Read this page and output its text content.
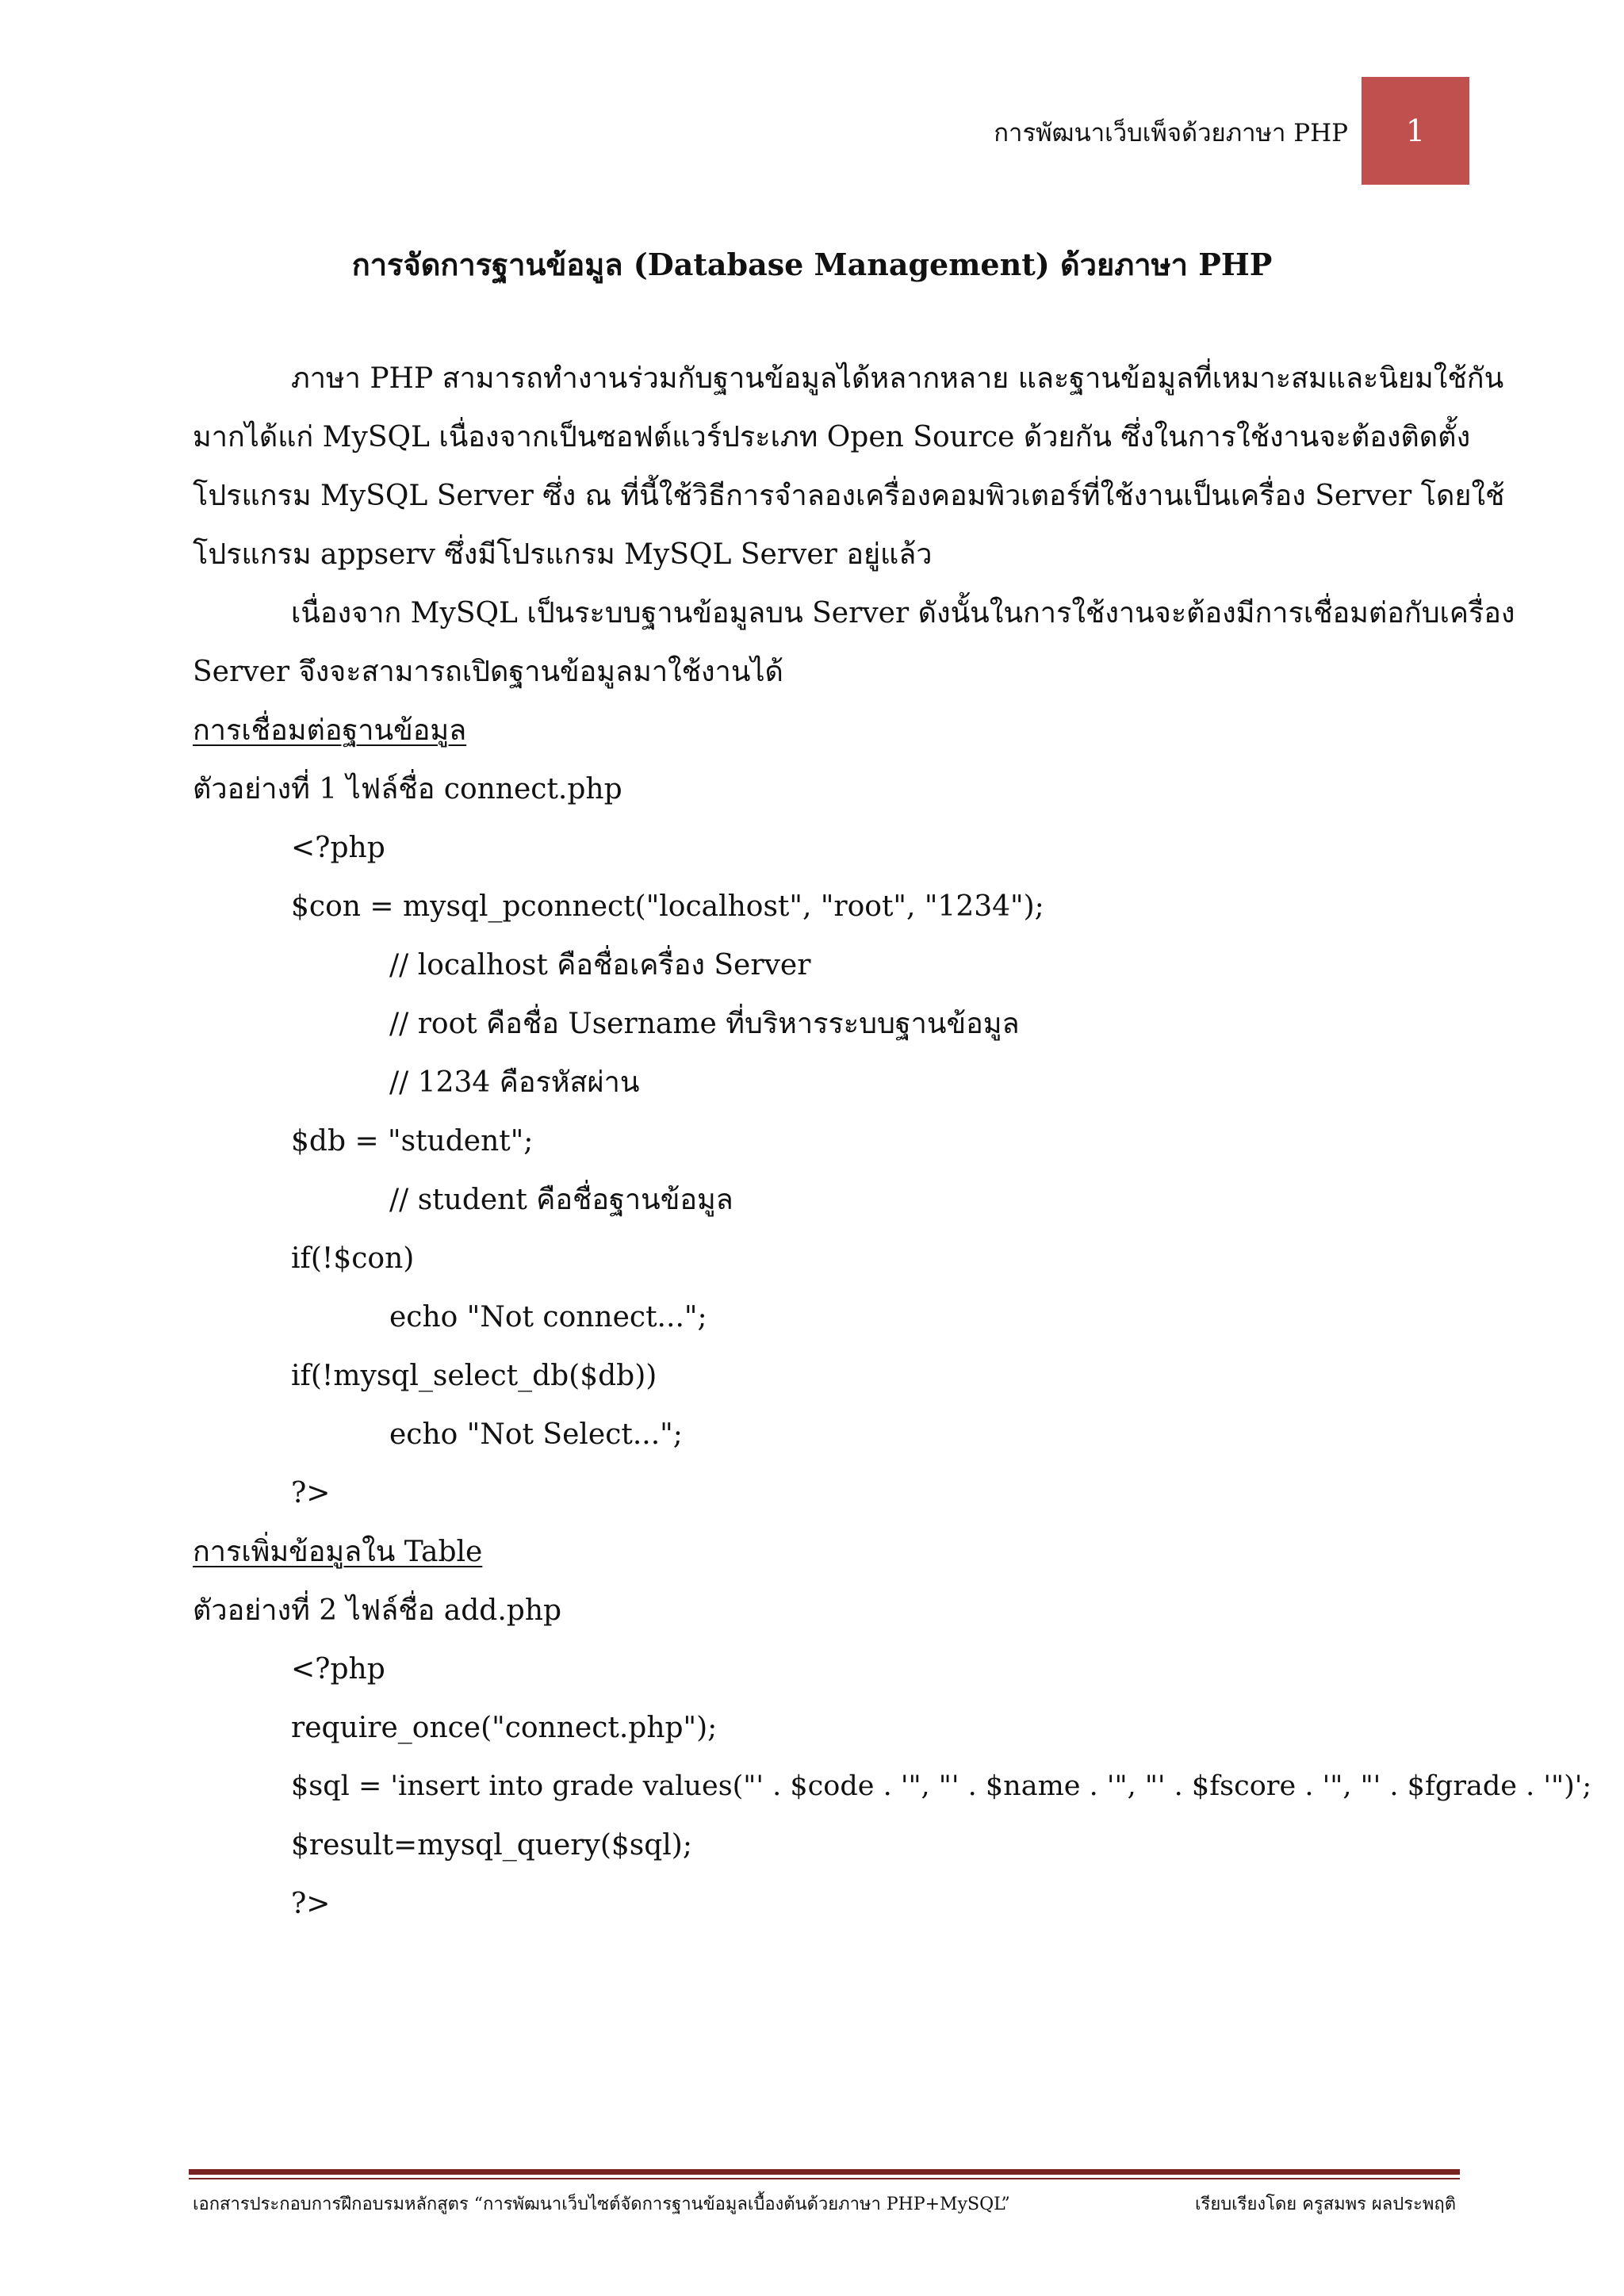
การพัฒนาเว็บเพ็จด้วยภาษา PHP	1
การจัดการฐานข้อมูล (Database Management) ด้วยภาษา PHP
ภาษา PHP สามารถทำงานร่วมกับฐานข้อมูลได้หลากหลาย และฐานข้อมูลที่เหมาะสมและนิยมใช้กัน
มากได้แก่ MySQL เนื่องจากเป็นซอฟต์แวร์ประเภท Open Source ด้วยกัน ซึ่งในการใช้งานจะต้องติดตั้ง
โปรแกรม MySQL Server ซึ่ง ณ ที่นี้ใช้วิธีการจำลองเครื่องคอมพิวเตอร์ที่ใช้งานเป็นเครื่อง Server โดยใช้
โปรแกรม appserv ซึ่งมีโปรแกรม MySQL Server อยู่แล้ว
เนื่องจาก MySQL เป็นระบบฐานข้อมูลบน Server ดังนั้นในการใช้งานจะต้องมีการเชื่อมต่อกับเครื่อง
Server จึงจะสามารถเปิดฐานข้อมูลมาใช้งานได้
การเชื่อมต่อฐานข้อมูล
ตัวอย่างที่ 1 ไฟล์ชื่อ connect.php
<?php
$con = mysql_pconnect("localhost", "root", "1234");
// localhost คือชื่อเครื่อง Server
// root คือชื่อ Username ที่บริหารระบบฐานข้อมูล
// 1234 คือรหัสผ่าน
$db = "student";
// student คือชื่อฐานข้อมูล
if(!$con)
echo "Not connect...";
if(!mysql_select_db($db))
echo "Not Select...";
?>
การเพิ่มข้อมูลใน Table
ตัวอย่างที่ 2 ไฟล์ชื่อ add.php
<?php
require_once("connect.php");
$sql = 'insert into grade values("' . $code . '", "' . $name . '", "' . $fscore . '", "' . $fgrade . '")';
$result=mysql_query($sql);
?>
เอกสารประกอบการฝึกอบรมหลักสูตร “การพัฒนาเว็บไซต์จัดการฐานข้อมูลเบื้องต้นด้วยภาษา PHP+MySQL”	เรียบเรียงโดย ครูสมพร ผลประพฤติ
